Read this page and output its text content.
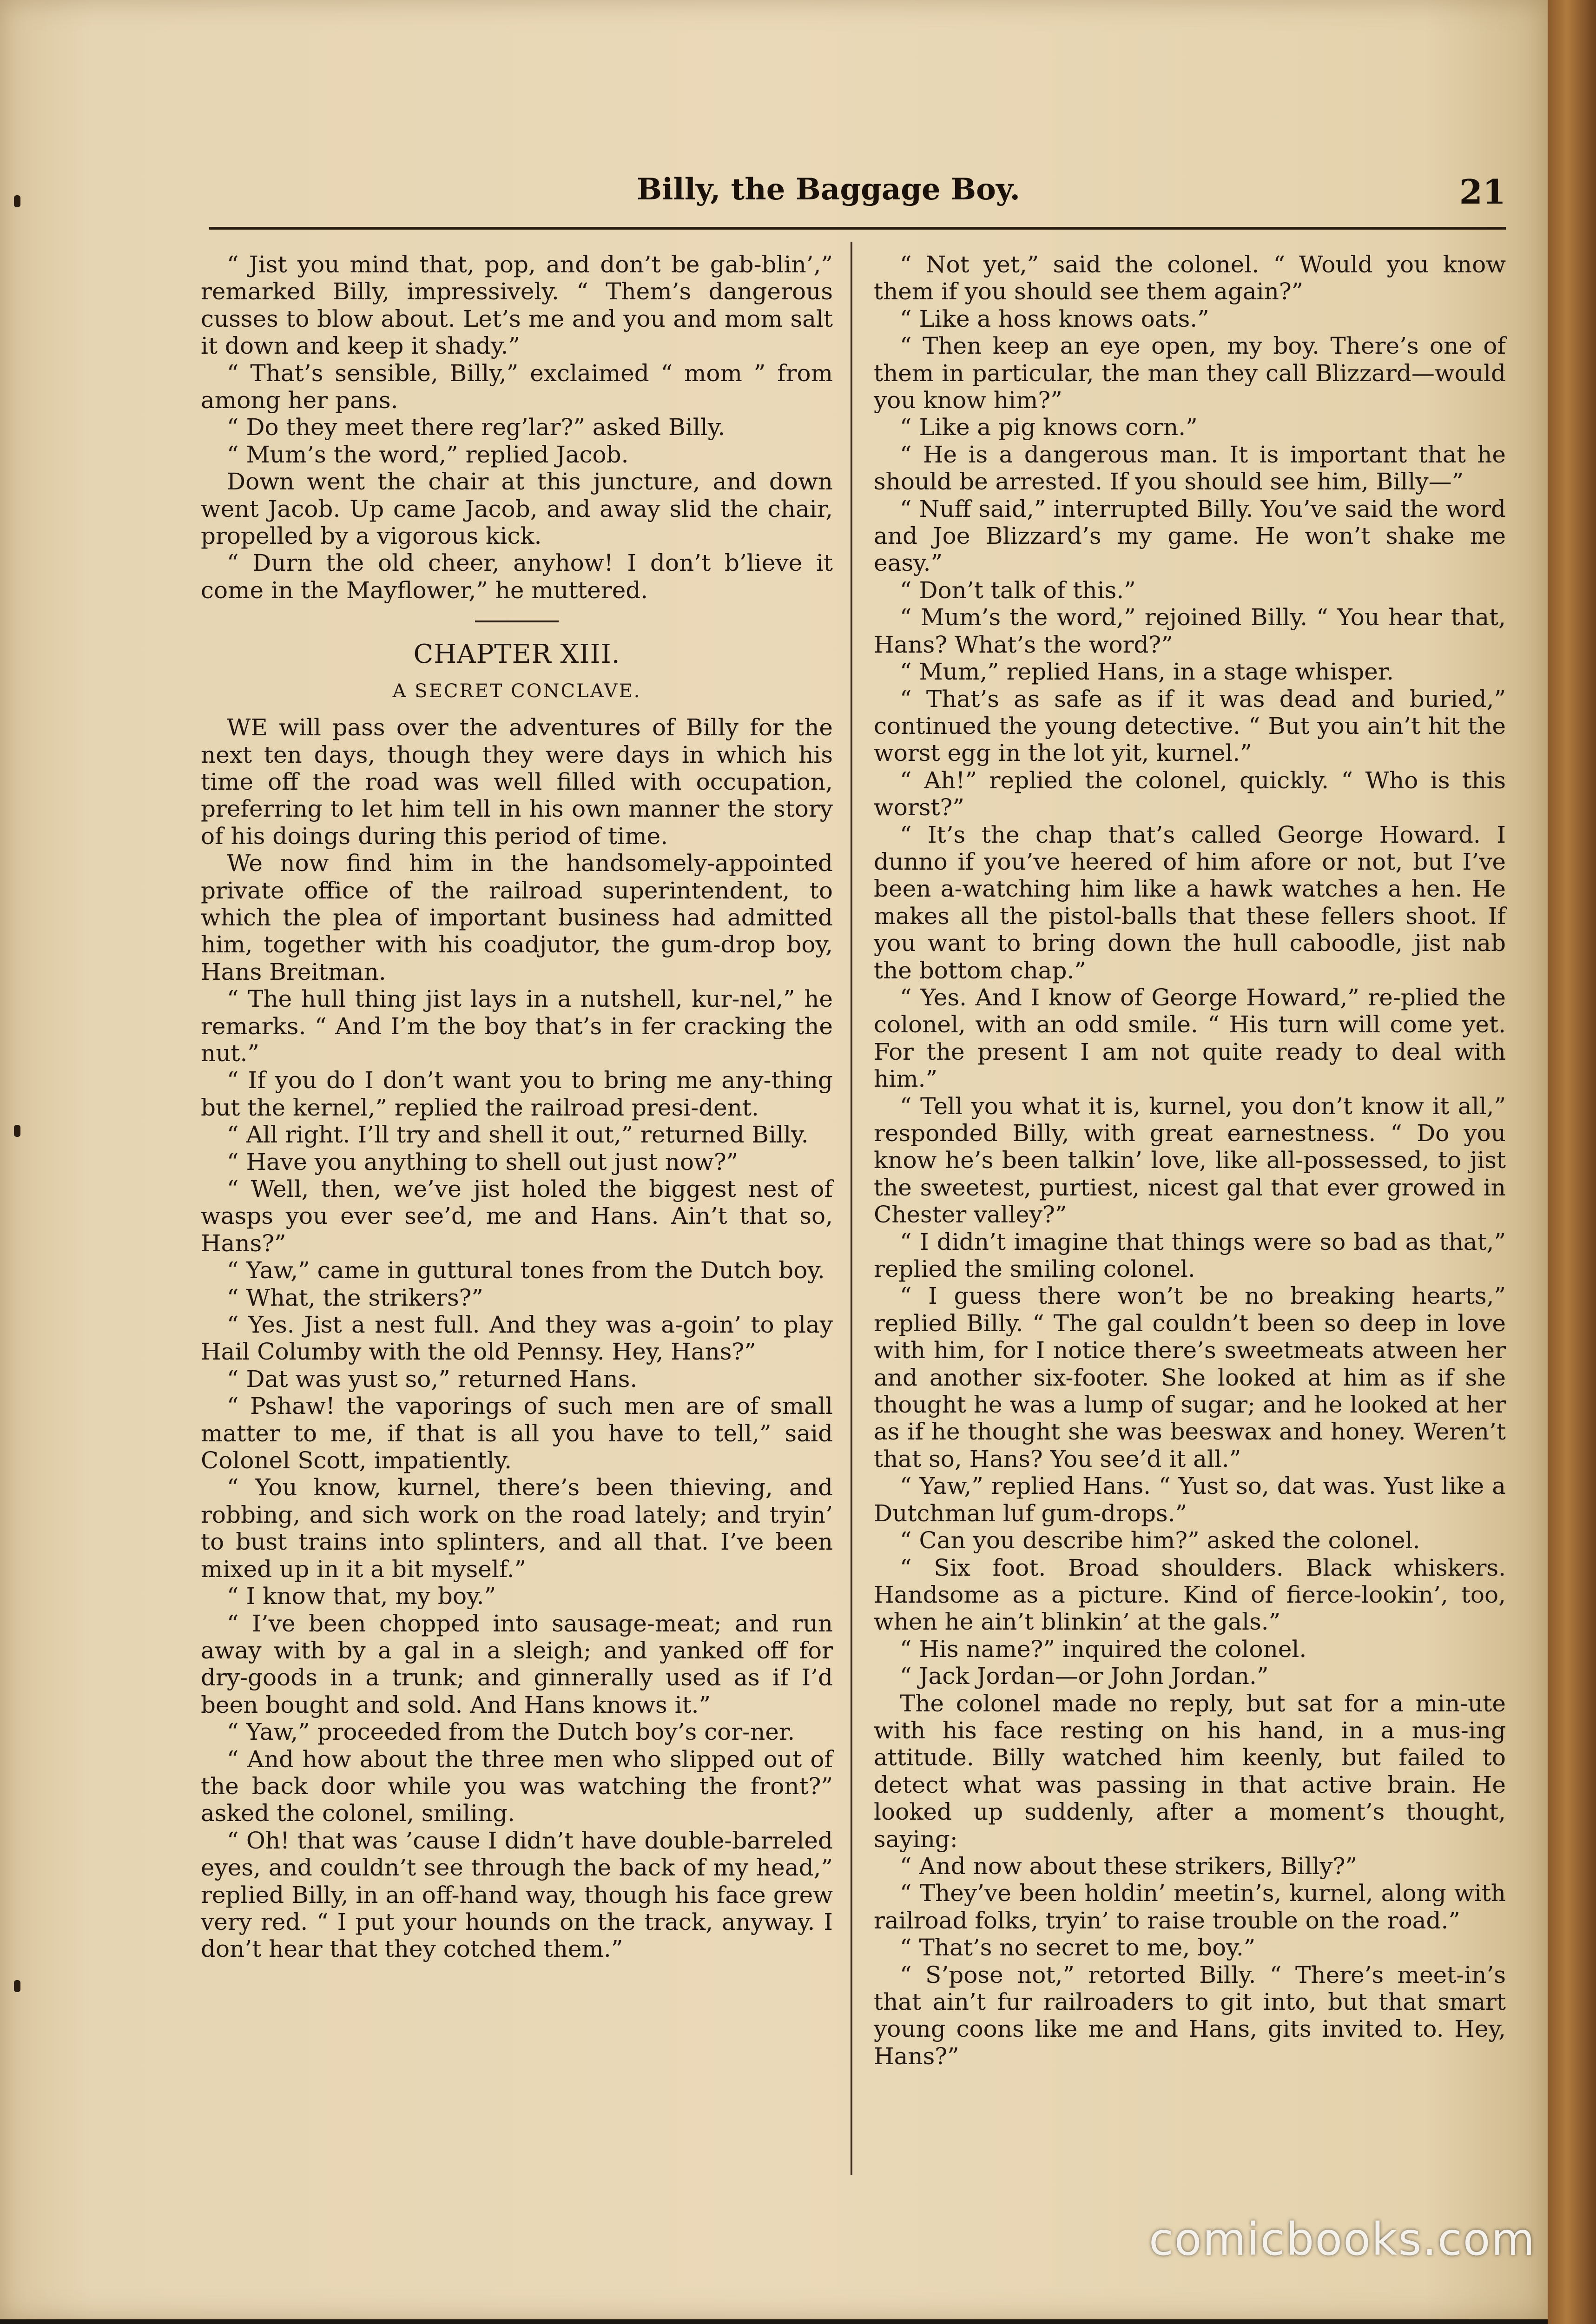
Billy, the Baggage Boy.	21

“ Jist you mind that, pop, and don’t be gab-blin’,” remarked Billy, impressively. “ Them’s dangerous cusses to blow about. Let’s me and you and mom salt it down and keep it shady.”

“ That’s sensible, Billy,” exclaimed “ mom ” from among her pans.

“ Do they meet there reg’lar?” asked Billy.

“ Mum’s the word,” replied Jacob.

Down went the chair at this juncture, and down went Jacob. Up came Jacob, and away slid the chair, propelled by a vigorous kick.

“ Durn the old cheer, anyhow! I don’t b’lieve it come in the Mayflower,” he muttered.

CHAPTER XIII.
A SECRET CONCLAVE.

WE will pass over the adventures of Billy for the next ten days, though they were days in which his time off the road was well filled with occupation, preferring to let him tell in his own manner the story of his doings during this period of time.

We now find him in the handsomely-appointed private office of the railroad superintendent, to which the plea of important business had admitted him, together with his coadjutor, the gum-drop boy, Hans Breitman.

“ The hull thing jist lays in a nutshell, kur-nel,” he remarks. “ And I’m the boy that’s in fer cracking the nut.”

“ If you do I don’t want you to bring me any-thing but the kernel,” replied the railroad presi-dent.

“ All right. I’ll try and shell it out,” returned Billy.

“ Have you anything to shell out just now?”

“ Well, then, we’ve jist holed the biggest nest of wasps you ever see’d, me and Hans. Ain’t that so, Hans?”

“ Yaw,” came in guttural tones from the Dutch boy.

“ What, the strikers?”

“ Yes. Jist a nest full. And they was a-goin’ to play Hail Columby with the old Pennsy. Hey, Hans?”

“ Dat was yust so,” returned Hans.

“ Pshaw! the vaporings of such men are of small matter to me, if that is all you have to tell,” said Colonel Scott, impatiently.

“ You know, kurnel, there’s been thieving, and robbing, and sich work on the road lately; and tryin’ to bust trains into splinters, and all that. I’ve been mixed up in it a bit myself.”

“ I know that, my boy.”

“ I’ve been chopped into sausage-meat; and run away with by a gal in a sleigh; and yanked off for dry-goods in a trunk; and ginnerally used as if I’d been bought and sold. And Hans knows it.”

“ Yaw,” proceeded from the Dutch boy’s cor-ner.

“ And how about the three men who slipped out of the back door while you was watching the front?” asked the colonel, smiling.

“ Oh! that was ’cause I didn’t have double-barreled eyes, and couldn’t see through the back of my head,” replied Billy, in an off-hand way, though his face grew very red. “ I put your hounds on the track, anyway. I don’t hear that they cotched them.”

“ Not yet,” said the colonel. “ Would you know them if you should see them again?”

“ Like a hoss knows oats.”

“ Then keep an eye open, my boy. There’s one of them in particular, the man they call Blizzard—would you know him?”

“ Like a pig knows corn.”

“ He is a dangerous man. It is important that he should be arrested. If you should see him, Billy—”

“ Nuff said,” interrupted Billy. You’ve said the word and Joe Blizzard’s my game. He won’t shake me easy.”

“ Don’t talk of this.”

“ Mum’s the word,” rejoined Billy. “ You hear that, Hans? What’s the word?”

“ Mum,” replied Hans, in a stage whisper.

“ That’s as safe as if it was dead and buried,” continued the young detective. “ But you ain’t hit the worst egg in the lot yit, kurnel.”

“ Ah!” replied the colonel, quickly. “ Who is this worst?”

“ It’s the chap that’s called George Howard. I dunno if you’ve heered of him afore or not, but I’ve been a-watching him like a hawk watches a hen. He makes all the pistol-balls that these fellers shoot. If you want to bring down the hull caboodle, jist nab the bottom chap.”

“ Yes. And I know of George Howard,” re-plied the colonel, with an odd smile. “ His turn will come yet. For the present I am not quite ready to deal with him.”

“ Tell you what it is, kurnel, you don’t know it all,” responded Billy, with great earnestness. “ Do you know he’s been talkin’ love, like all-possessed, to jist the sweetest, purtiest, nicest gal that ever growed in Chester valley?”

“ I didn’t imagine that things were so bad as that,” replied the smiling colonel.

“ I guess there won’t be no breaking hearts,” replied Billy. “ The gal couldn’t been so deep in love with him, for I notice there’s sweetmeats atween her and another six-footer. She looked at him as if she thought he was a lump of sugar; and he looked at her as if he thought she was beeswax and honey. Weren’t that so, Hans? You see’d it all.”

“ Yaw,” replied Hans. “ Yust so, dat was. Yust like a Dutchman luf gum-drops.”

“ Can you describe him?” asked the colonel.

“ Six foot. Broad shoulders. Black whiskers. Handsome as a picture. Kind of fierce-lookin’, too, when he ain’t blinkin’ at the gals.”

“ His name?” inquired the colonel.

“ Jack Jordan—or John Jordan.”

The colonel made no reply, but sat for a min-ute with his face resting on his hand, in a mus-ing attitude. Billy watched him keenly, but failed to detect what was passing in that active brain. He looked up suddenly, after a moment’s thought, saying:

“ And now about these strikers, Billy?”

“ They’ve been holdin’ meetin’s, kurnel, along with railroad folks, tryin’ to raise trouble on the road.”

“ That’s no secret to me, boy.”

“ S’pose not,” retorted Billy. “ There’s meet-in’s that ain’t fur railroaders to git into, but that smart young coons like me and Hans, gits invited to. Hey, Hans?”

comicbooks.com
